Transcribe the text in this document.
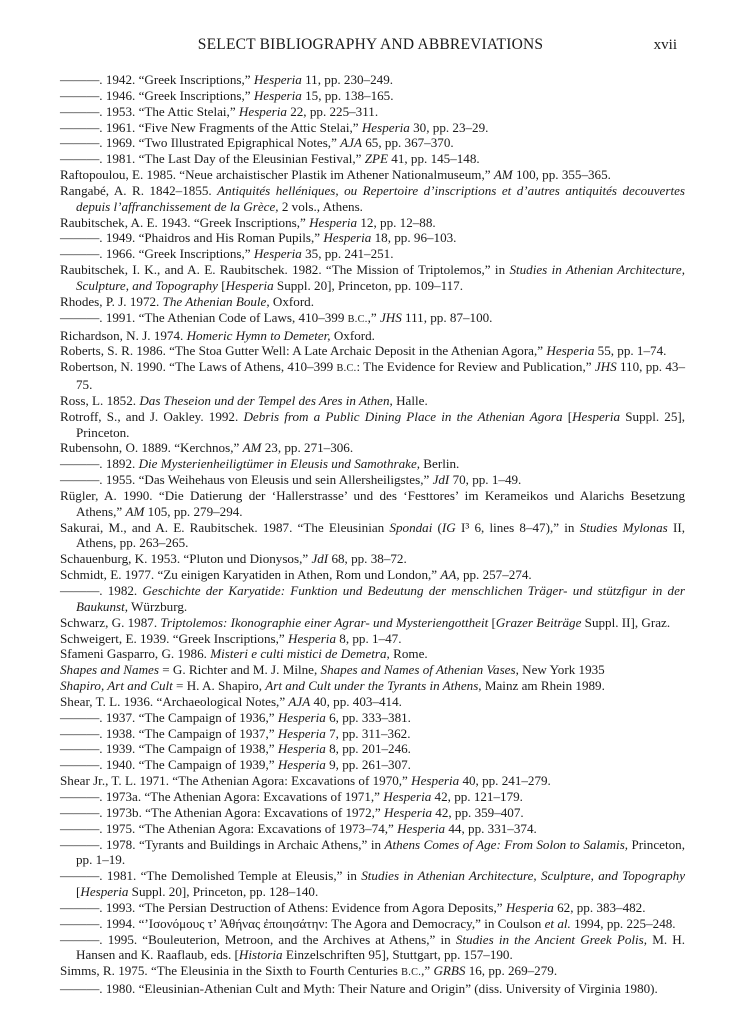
SELECT BIBLIOGRAPHY AND ABBREVIATIONS	xvii
———. 1942. “Greek Inscriptions,” Hesperia 11, pp. 230–249.
———. 1946. “Greek Inscriptions,” Hesperia 15, pp. 138–165.
———. 1953. “The Attic Stelai,” Hesperia 22, pp. 225–311.
———. 1961. “Five New Fragments of the Attic Stelai,” Hesperia 30, pp. 23–29.
———. 1969. “Two Illustrated Epigraphical Notes,” AJA 65, pp. 367–370.
———. 1981. “The Last Day of the Eleusinian Festival,” ZPE 41, pp. 145–148.
Raftopoulou, E. 1985. “Neue archaistischer Plastik im Athener Nationalmuseum,” AM 100, pp. 355–365.
Rangabé, A. R. 1842–1855. Antiquités helléniques, ou Repertoire d’inscriptions et d’autres antiquités decouvertes depuis l’affranchissement de la Grèce, 2 vols., Athens.
Raubitschek, A. E. 1943. “Greek Inscriptions,” Hesperia 12, pp. 12–88.
———. 1949. “Phaidros and His Roman Pupils,” Hesperia 18, pp. 96–103.
———. 1966. “Greek Inscriptions,” Hesperia 35, pp. 241–251.
Raubitschek, I. K., and A. E. Raubitschek. 1982. “The Mission of Triptolemos,” in Studies in Athenian Architecture, Sculpture, and Topography [Hesperia Suppl. 20], Princeton, pp. 109–117.
Rhodes, P. J. 1972. The Athenian Boule, Oxford.
———. 1991. “The Athenian Code of Laws, 410–399 B.C.,” JHS 111, pp. 87–100.
Richardson, N. J. 1974. Homeric Hymn to Demeter, Oxford.
Roberts, S. R. 1986. “The Stoa Gutter Well: A Late Archaic Deposit in the Athenian Agora,” Hesperia 55, pp. 1–74.
Robertson, N. 1990. “The Laws of Athens, 410–399 B.C.: The Evidence for Review and Publication,” JHS 110, pp. 43–75.
Ross, L. 1852. Das Theseion und der Tempel des Ares in Athen, Halle.
Rotroff, S., and J. Oakley. 1992. Debris from a Public Dining Place in the Athenian Agora [Hesperia Suppl. 25], Princeton.
Rubensohn, O. 1889. “Kerchnos,” AM 23, pp. 271–306.
———. 1892. Die Mysterienheiligtümer in Eleusis und Samothrake, Berlin.
———. 1955. “Das Weihehaus von Eleusis und sein Allersheiligstes,” JdI 70, pp. 1–49.
Rügler, A. 1990. “Die Datierung der ‘Hallerstrasse’ und des ‘Festtores’ im Kerameikos und Alarichs Besetzung Athens,” AM 105, pp. 279–294.
Sakurai, M., and A. E. Raubitschek. 1987. “The Eleusinian Spondai (IG I³ 6, lines 8–47),” in Studies Mylonas II, Athens, pp. 263–265.
Schauenburg, K. 1953. “Pluton und Dionysos,” JdI 68, pp. 38–72.
Schmidt, E. 1977. “Zu einigen Karyatiden in Athen, Rom und London,” AA, pp. 257–274.
———. 1982. Geschichte der Karyatide: Funktion und Bedeutung der menschlichen Träger- und stützfigur in der Baukunst, Würzburg.
Schwarz, G. 1987. Triptolemos: Ikonographie einer Agrar- und Mysteriengottheit [Grazer Beiträge Suppl. II], Graz.
Schweigert, E. 1939. “Greek Inscriptions,” Hesperia 8, pp. 1–47.
Sfameni Gasparro, G. 1986. Misteri e culti mistici de Demetra, Rome.
Shapes and Names = G. Richter and M. J. Milne, Shapes and Names of Athenian Vases, New York 1935
Shapiro, Art and Cult = H. A. Shapiro, Art and Cult under the Tyrants in Athens, Mainz am Rhein 1989.
Shear, T. L. 1936. “Archaeological Notes,” AJA 40, pp. 403–414.
———. 1937. “The Campaign of 1936,” Hesperia 6, pp. 333–381.
———. 1938. “The Campaign of 1937,” Hesperia 7, pp. 311–362.
———. 1939. “The Campaign of 1938,” Hesperia 8, pp. 201–246.
———. 1940. “The Campaign of 1939,” Hesperia 9, pp. 261–307.
Shear Jr., T. L. 1971. “The Athenian Agora: Excavations of 1970,” Hesperia 40, pp. 241–279.
———. 1973a. “The Athenian Agora: Excavations of 1971,” Hesperia 42, pp. 121–179.
———. 1973b. “The Athenian Agora: Excavations of 1972,” Hesperia 42, pp. 359–407.
———. 1975. “The Athenian Agora: Excavations of 1973–74,” Hesperia 44, pp. 331–374.
———. 1978. “Tyrants and Buildings in Archaic Athens,” in Athens Comes of Age: From Solon to Salamis, Princeton, pp. 1–19.
———. 1981. “The Demolished Temple at Eleusis,” in Studies in Athenian Architecture, Sculpture, and Topography [Hesperia Suppl. 20], Princeton, pp. 128–140.
———. 1993. “The Persian Destruction of Athens: Evidence from Agora Deposits,” Hesperia 62, pp. 383–482.
———. 1994. “’Ισονόμους τ’ Ἀθήνας ἐποιησάτην: The Agora and Democracy,” in Coulson et al. 1994, pp. 225–248.
———. 1995. “Bouleuterion, Metroon, and the Archives at Athens,” in Studies in the Ancient Greek Polis, M. H. Hansen and K. Raaflaub, eds. [Historia Einzelschriften 95], Stuttgart, pp. 157–190.
Simms, R. 1975. “The Eleusinia in the Sixth to Fourth Centuries B.C.,” GRBS 16, pp. 269–279.
———. 1980. “Eleusinian-Athenian Cult and Myth: Their Nature and Origin” (diss. University of Virginia 1980).
